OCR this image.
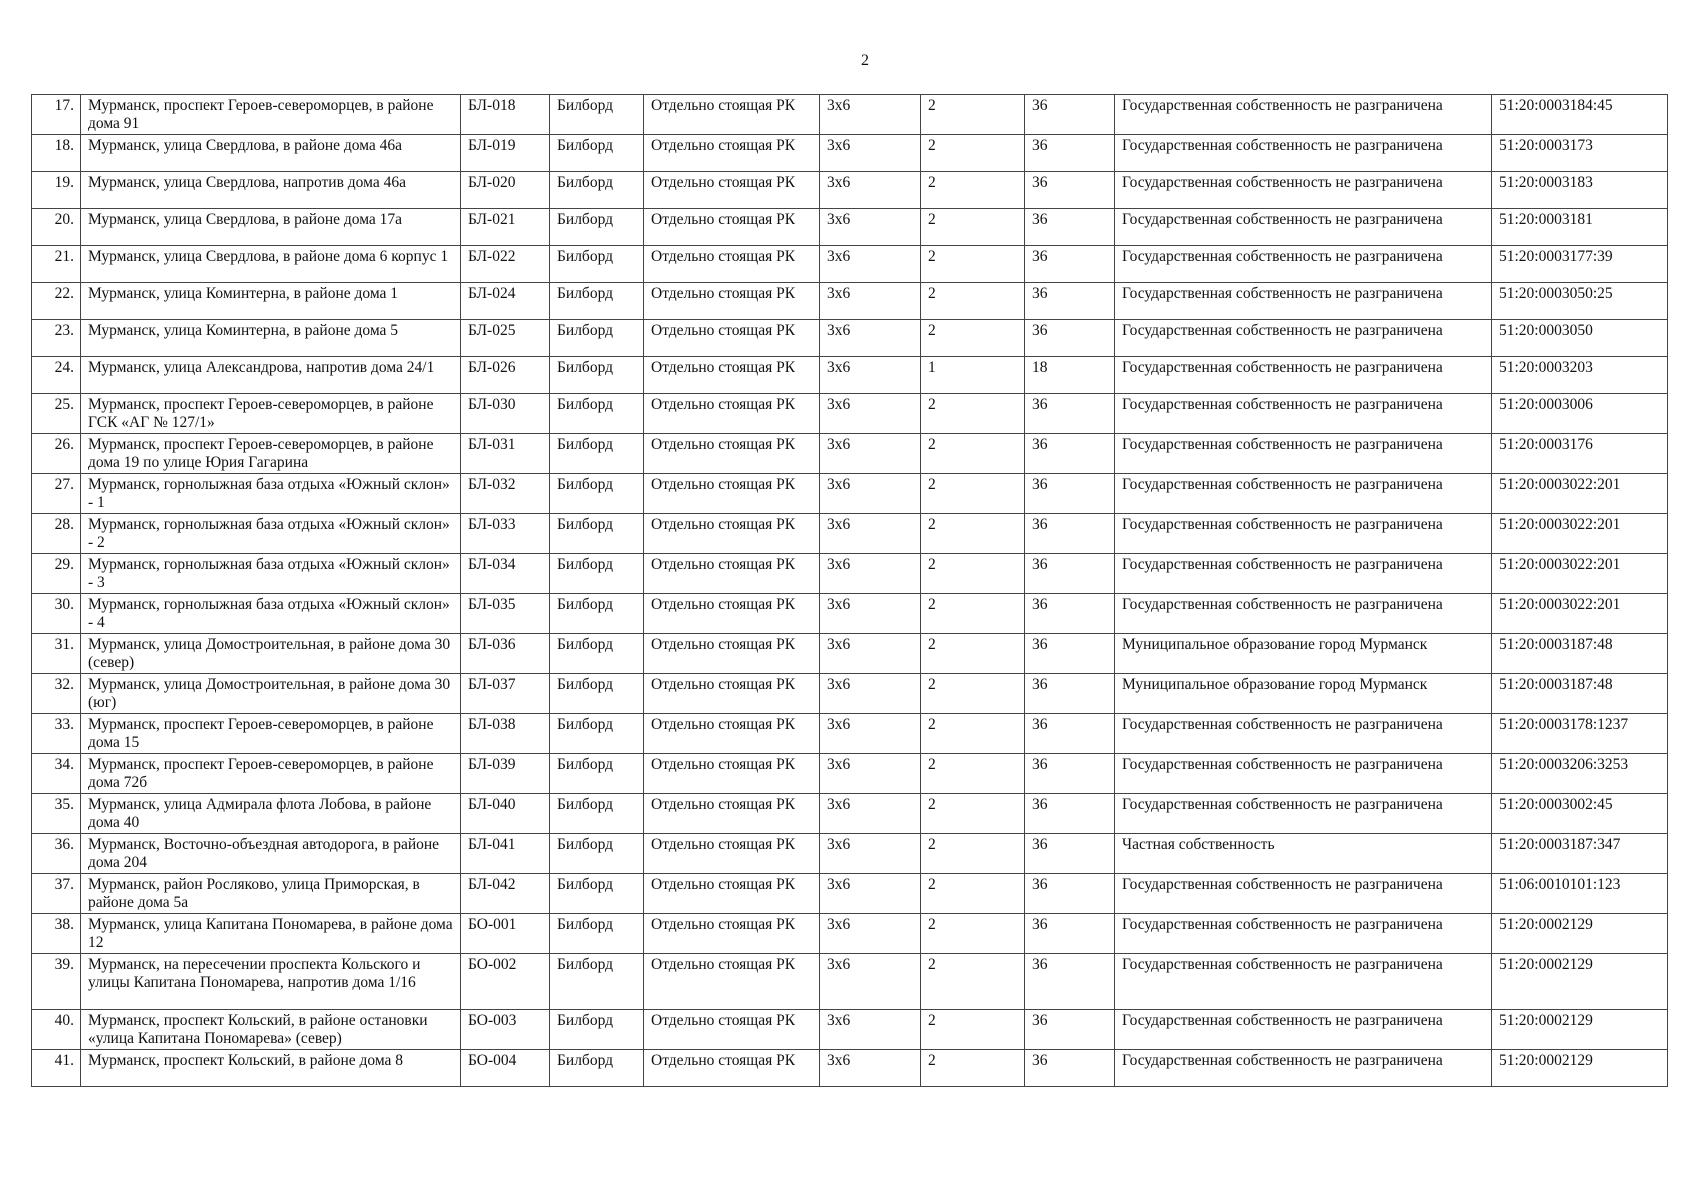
2
17.	Мурманск, проспект Героев-североморцев, в районе дома 91	БЛ-018	Билборд	Отдельно стоящая РК	3х6	2	36	Государственная собственность не разграничена	51:20:0003184:45
18.	Мурманск, улица Свердлова, в районе дома 46а	БЛ-019	Билборд	Отдельно стоящая РК	3х6	2	36	Государственная собственность не разграничена	51:20:0003173
19.	Мурманск, улица Свердлова, напротив дома 46а	БЛ-020	Билборд	Отдельно стоящая РК	3х6	2	36	Государственная собственность не разграничена	51:20:0003183
20.	Мурманск, улица Свердлова, в районе дома 17а	БЛ-021	Билборд	Отдельно стоящая РК	3х6	2	36	Государственная собственность не разграничена	51:20:0003181
21.	Мурманск, улица Свердлова, в районе дома 6 корпус 1	БЛ-022	Билборд	Отдельно стоящая РК	3х6	2	36	Государственная собственность не разграничена	51:20:0003177:39
22.	Мурманск, улица Коминтерна, в районе дома 1	БЛ-024	Билборд	Отдельно стоящая РК	3х6	2	36	Государственная собственность не разграничена	51:20:0003050:25
23.	Мурманск, улица Коминтерна, в районе дома 5	БЛ-025	Билборд	Отдельно стоящая РК	3х6	2	36	Государственная собственность не разграничена	51:20:0003050
24.	Мурманск, улица Александрова, напротив дома 24/1	БЛ-026	Билборд	Отдельно стоящая РК	3х6	1	18	Государственная собственность не разграничена	51:20:0003203
25.	Мурманск, проспект Героев-североморцев, в районе ГСК «АГ № 127/1»	БЛ-030	Билборд	Отдельно стоящая РК	3х6	2	36	Государственная собственность не разграничена	51:20:0003006
26.	Мурманск, проспект Героев-североморцев, в районе дома 19 по улице Юрия Гагарина	БЛ-031	Билборд	Отдельно стоящая РК	3х6	2	36	Государственная собственность не разграничена	51:20:0003176
27.	Мурманск, горнолыжная база отдыха «Южный склон» - 1	БЛ-032	Билборд	Отдельно стоящая РК	3х6	2	36	Государственная собственность не разграничена	51:20:0003022:201
28.	Мурманск, горнолыжная база отдыха «Южный склон» - 2	БЛ-033	Билборд	Отдельно стоящая РК	3х6	2	36	Государственная собственность не разграничена	51:20:0003022:201
29.	Мурманск, горнолыжная база отдыха «Южный склон» - 3	БЛ-034	Билборд	Отдельно стоящая РК	3х6	2	36	Государственная собственность не разграничена	51:20:0003022:201
30.	Мурманск, горнолыжная база отдыха «Южный склон» - 4	БЛ-035	Билборд	Отдельно стоящая РК	3х6	2	36	Государственная собственность не разграничена	51:20:0003022:201
31.	Мурманск, улица Домостроительная, в районе дома 30 (север)	БЛ-036	Билборд	Отдельно стоящая РК	3х6	2	36	Муниципальное образование город Мурманск	51:20:0003187:48
32.	Мурманск, улица Домостроительная, в районе дома 30 (юг)	БЛ-037	Билборд	Отдельно стоящая РК	3х6	2	36	Муниципальное образование город Мурманск	51:20:0003187:48
33.	Мурманск, проспект Героев-североморцев, в районе дома 15	БЛ-038	Билборд	Отдельно стоящая РК	3х6	2	36	Государственная собственность не разграничена	51:20:0003178:1237
34.	Мурманск, проспект Героев-североморцев, в районе дома 72б	БЛ-039	Билборд	Отдельно стоящая РК	3х6	2	36	Государственная собственность не разграничена	51:20:0003206:3253
35.	Мурманск, улица Адмирала флота Лобова, в районе дома 40	БЛ-040	Билборд	Отдельно стоящая РК	3х6	2	36	Государственная собственность не разграничена	51:20:0003002:45
36.	Мурманск, Восточно-объездная автодорога, в районе дома 204	БЛ-041	Билборд	Отдельно стоящая РК	3х6	2	36	Частная собственность	51:20:0003187:347
37.	Мурманск, район Росляково, улица Приморская, в районе дома 5а	БЛ-042	Билборд	Отдельно стоящая РК	3х6	2	36	Государственная собственность не разграничена	51:06:0010101:123
38.	Мурманск, улица Капитана Пономарева, в районе дома 12	БО-001	Билборд	Отдельно стоящая РК	3х6	2	36	Государственная собственность не разграничена	51:20:0002129
39.	Мурманск, на пересечении проспекта Кольского и улицы Капитана Пономарева, напротив дома 1/16	БО-002	Билборд	Отдельно стоящая РК	3х6	2	36	Государственная собственность не разграничена	51:20:0002129
40.	Мурманск, проспект Кольский, в районе остановки «улица Капитана Пономарева» (север)	БО-003	Билборд	Отдельно стоящая РК	3х6	2	36	Государственная собственность не разграничена	51:20:0002129
41.	Мурманск, проспект Кольский, в районе дома 8	БО-004	Билборд	Отдельно стоящая РК	3х6	2	36	Государственная собственность не разграничена	51:20:0002129
